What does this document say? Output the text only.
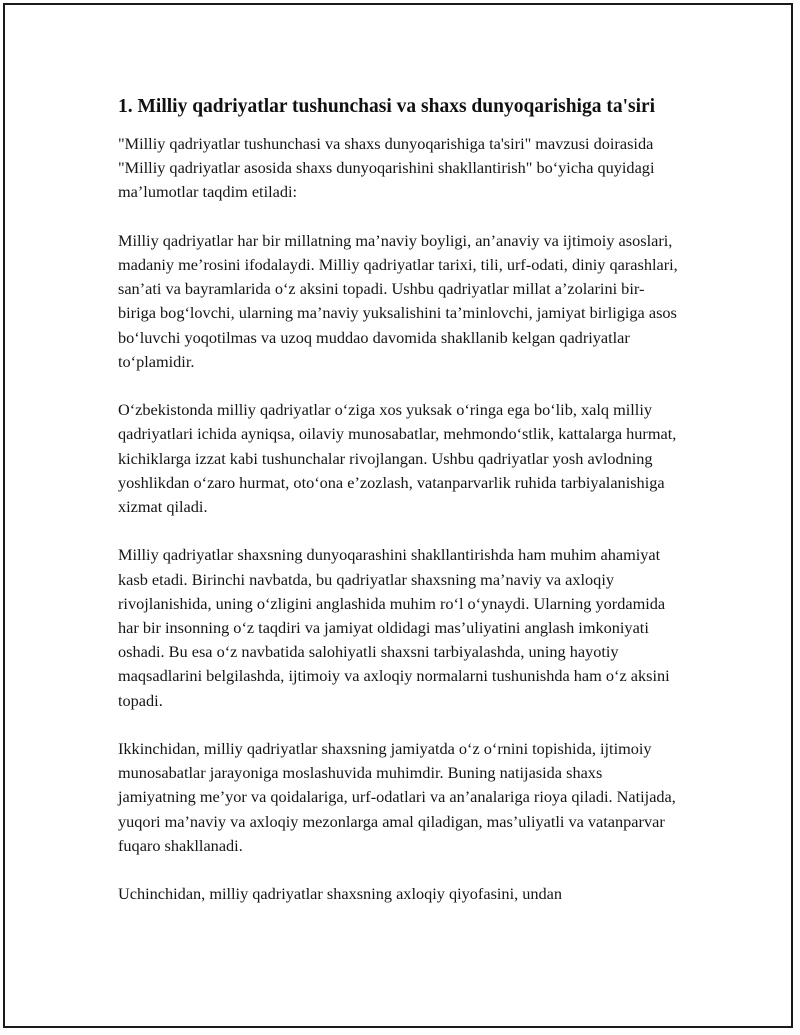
1. Milliy qadriyatlar tushunchasi va shaxs dunyoqarishiga ta'siri

"Milliy qadriyatlar tushunchasi va shaxs dunyoqarishiga ta'siri" mavzusi doirasida "Milliy qadriyatlar asosida shaxs dunyoqarishini shakllantirish" bo‘yicha quyidagi ma’lumotlar taqdim etiladi:

Milliy qadriyatlar har bir millatning ma’naviy boyligi, an’anaviy va ijtimoiy asoslari, madaniy me’rosini ifodalaydi. Milliy qadriyatlar tarixi, tili, urf-odati, diniy qarashlari, san’ati va bayramlarida o‘z aksini topadi. Ushbu qadriyatlar millat a’zolarini bir-biriga bog‘lovchi, ularning ma’naviy yuksalishini ta’minlovchi, jamiyat birligiga asos bo‘luvchi yoqotilmas va uzoq muddao davomida shakllanib kelgan qadriyatlar to‘plamidir.

O‘zbekistonda milliy qadriyatlar o‘ziga xos yuksak o‘ringa ega bo‘lib, xalq milliy qadriyatlari ichida ayniqsa, oilaviy munosabatlar, mehmondo‘stlik, kattalarga hurmat, kichiklarga izzat kabi tushunchalar rivojlangan. Ushbu qadriyatlar yosh avlodning yoshlikdan o‘zaro hurmat, oto‘ona e’zozlash, vatanparvarlik ruhida tarbiyalanishiga xizmat qiladi.

Milliy qadriyatlar shaxsning dunyoqarashini shakllantirishda ham muhim ahamiyat kasb etadi. Birinchi navbatda, bu qadriyatlar shaxsning ma’naviy va axloqiy rivojlanishida, uning o‘zligini anglashida muhim ro‘l o‘ynaydi. Ularning yordamida har bir insonning o‘z taqdiri va jamiyat oldidagi mas’uliyatini anglash imkoniyati oshadi. Bu esa o‘z navbatida salohiyatli shaxsni tarbiyalashda, uning hayotiy maqsadlarini belgilashda, ijtimoiy va axloqiy normalarni tushunishda ham o‘z aksini topadi.

Ikkinchidan, milliy qadriyatlar shaxsning jamiyatda o‘z o‘rnini topishida, ijtimoiy munosabatlar jarayoniga moslashuvida muhimdir. Buning natijasida shaxs jamiyatning me’yor va qoidalariga, urf-odatlari va an’analariga rioya qiladi. Natijada, yuqori ma’naviy va axloqiy mezonlarga amal qiladigan, mas’uliyatli va vatanparvar fuqaro shakllanadi.

Uchinchidan, milliy qadriyatlar shaxsning axloqiy qiyofasini, undan
